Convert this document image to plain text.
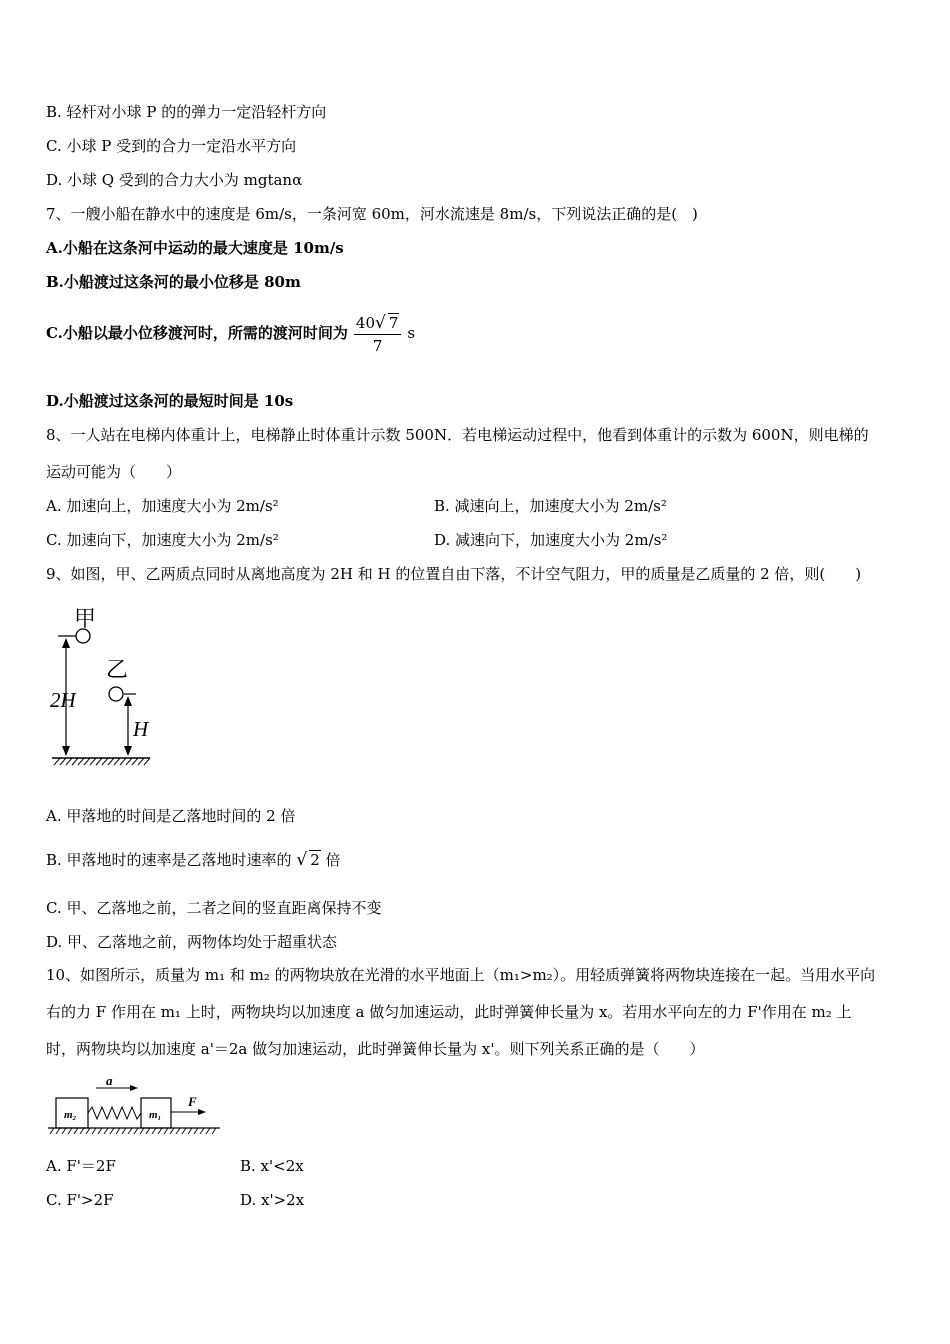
B. 轻杆对小球 P 的的弹力一定沿轻杆方向
C. 小球 P 受到的合力一定沿水平方向
D. 小球 Q 受到的合力大小为 mgtanα
7、一艘小船在静水中的速度是 6m/s，一条河宽 60m，河水流速是 8m/s，下列说法正确的是(　)
A.小船在这条河中运动的最大速度是 10m/s
B.小船渡过这条河的最小位移是 80m
C.小船以最小位移渡河时，所需的渡河时间为 $\frac{40√ 7}{7}$ s
D.小船渡过这条河的最短时间是 10s
8、一人站在电梯内体重计上，电梯静止时体重计示数 500N．若电梯运动过程中，他看到体重计的示数为 600N，则电梯的
运动可能为（　　）
A. 加速向上，加速度大小为 2m/s²	B. 减速向上，加速度大小为 2m/s²
C. 加速向下，加速度大小为 2m/s²	D. 减速向下，加速度大小为 2m/s²
9、如图，甲、乙两质点同时从离地高度为 2H 和 H 的位置自由下落，不计空气阻力，甲的质量是乙质量的 2 倍，则(　　)
甲
2H
乙
H
A. 甲落地的时间是乙落地时间的 2 倍
B. 甲落地时的速率是乙落地时速率的 √ 2 倍
C. 甲、乙落地之前，二者之间的竖直距离保持不变
D. 甲、乙落地之前，两物体均处于超重状态
10、如图所示，质量为 m₁ 和 m₂ 的两物块放在光滑的水平地面上（m₁>m₂）。用轻质弹簧将两物块连接在一起。当用水平向
右的力 F 作用在 m₁ 上时，两物块均以加速度 a 做匀加速运动，此时弹簧伸长量为 x。若用水平向左的力 F'作用在 m₂ 上
时，两物块均以加速度 a'＝2a 做匀加速运动，此时弹簧伸长量为 x'。则下列关系正确的是（　　）
a
m₂	m₁
F
A. F'＝2F	B. x'<2x
C. F'>2F	D. x'>2x
